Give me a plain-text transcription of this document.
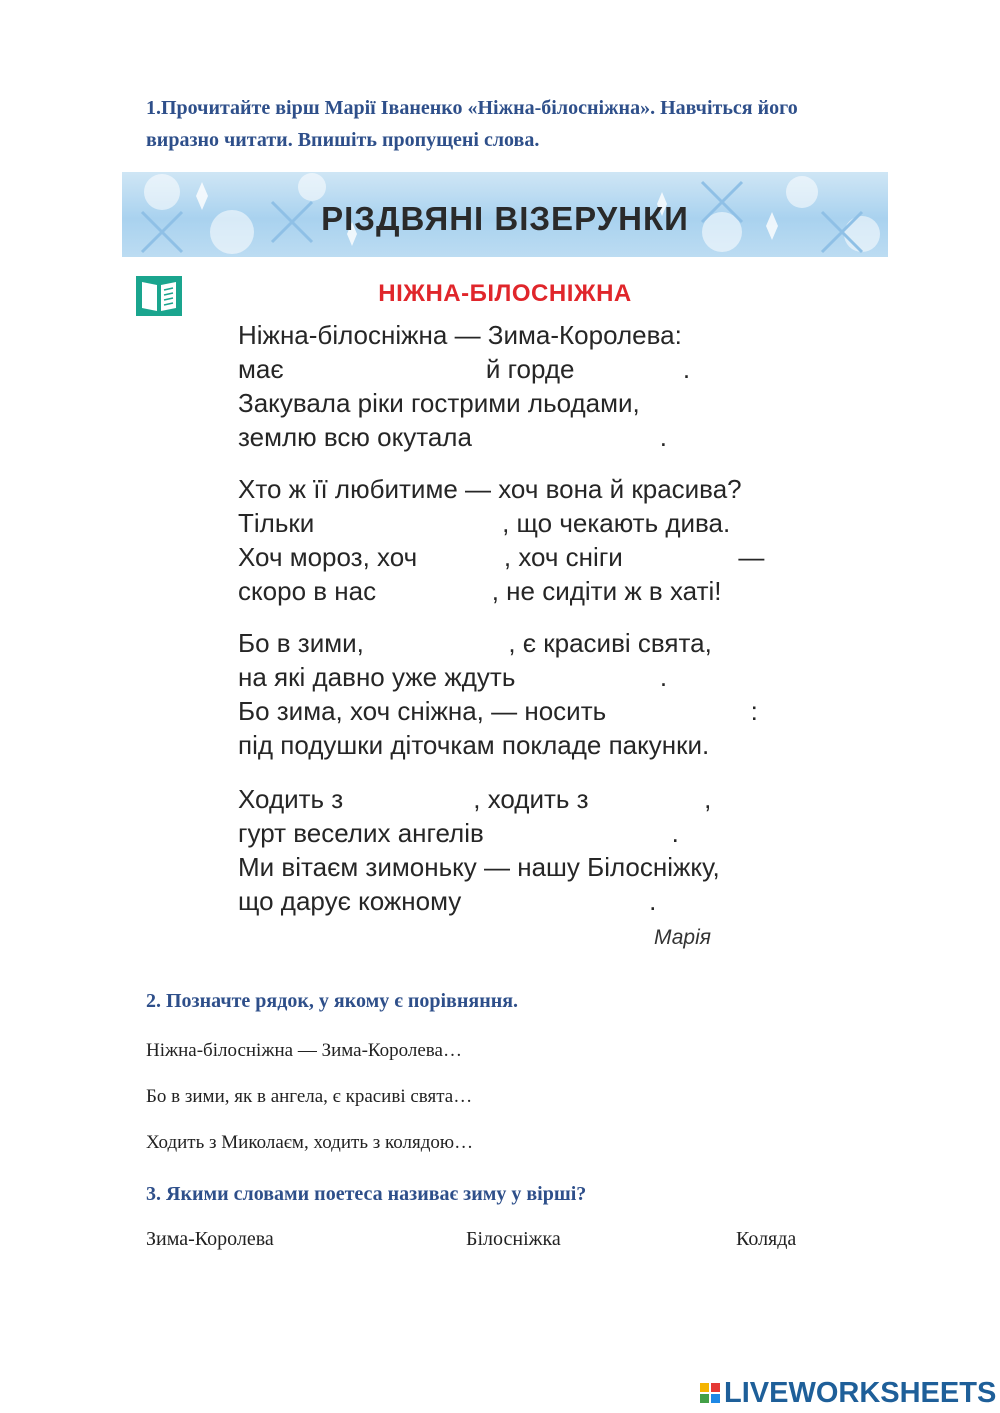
1.Прочитайте вірш Марії Іваненко «Ніжна-білосніжна». Навчіться його
виразно читати. Впишіть пропущені слова.
РІЗДВЯНІ ВІЗЕРУНКИ
НІЖНА-БІЛОСНІЖНА
Ніжна-білосніжна — Зима-Королева:
має                            й горде               .
Закувала ріки гострими льодами,
землю всю окутала                          .
Хто ж її любитиме — хоч вона й красива?
Тільки                          , що чекають дива.
Хоч мороз, хоч            , хоч сніги                —
скоро в нас                , не сидіти ж в хаті!
Бо в зими,                    , є красиві свята,
на які давно уже ждуть                    .
Бо зима, хоч сніжна, — носить                    :
під подушки діточкам покладе пакунки.
Ходить з                  , ходить з                ,
гурт веселих ангелів                          .
Ми вітаєм зимоньку — нашу Білосніжку,
що дарує кожному                          .
Марія
2. Позначте рядок, у якому є порівняння.
Ніжна-білосніжна — Зима-Королева…
Бо в зими, як в ангела, є красиві свята…
Ходить з Миколаєм, ходить з колядою…
3. Якими словами поетеса називає зиму у вірші?
Зима-Королева	Білосніжка	Коляда
LIVEWORKSHEETS
